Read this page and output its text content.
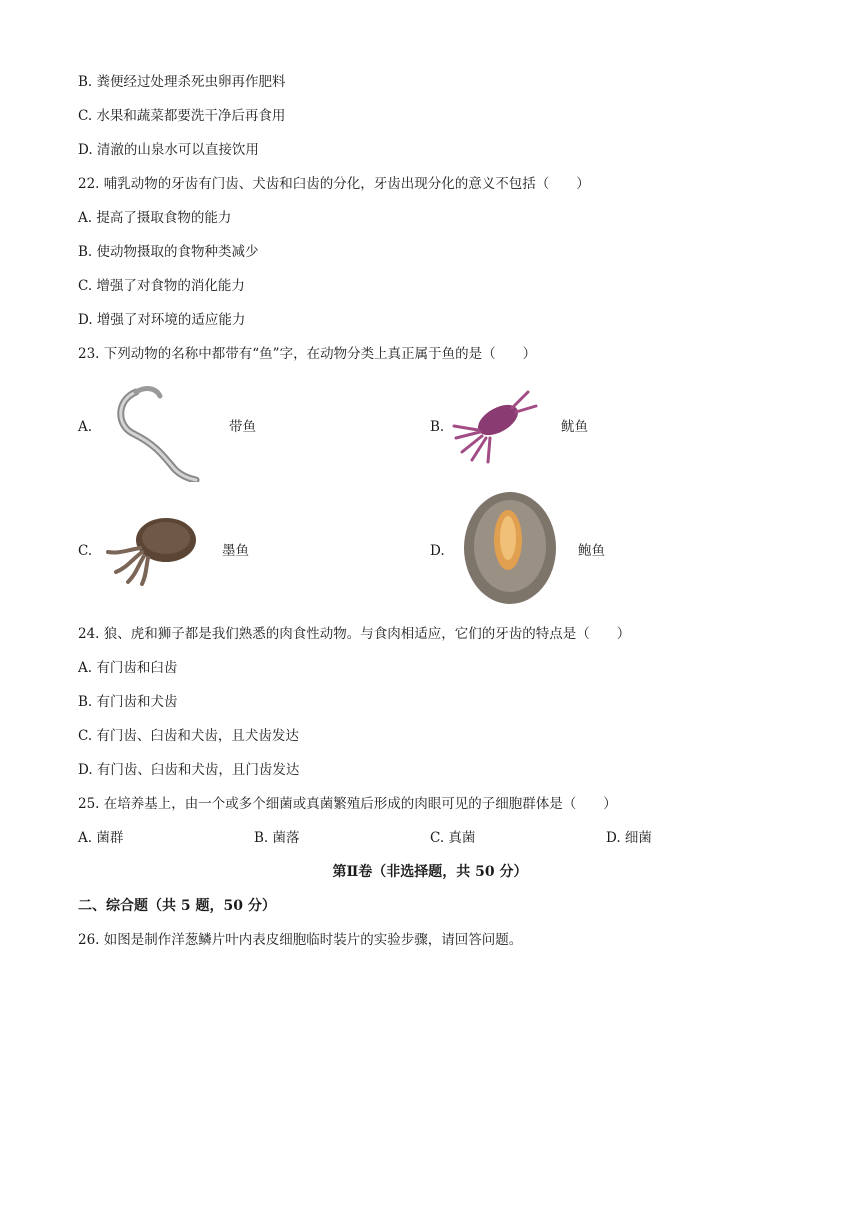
B. 粪便经过处理杀死虫卵再作肥料
C. 水果和蔬菜都要洗干净后再食用
D. 清澈的山泉水可以直接饮用
22. 哺乳动物的牙齿有门齿、犬齿和臼齿的分化，牙齿出现分化的意义不包括（　　）
A. 提高了摄取食物的能力
B. 使动物摄取的食物种类减少
C. 增强了对食物的消化能力
D. 增强了对环境的适应能力
23. 下列动物的名称中都带有“鱼”字，在动物分类上真正属于鱼的是（　　）
A.	带鱼	B.	鱿鱼
C.	墨鱼	D.	鲍鱼
24. 狼、虎和狮子都是我们熟悉的肉食性动物。与食肉相适应，它们的牙齿的特点是（　　）
A. 有门齿和臼齿
B. 有门齿和犬齿
C. 有门齿、臼齿和犬齿，且犬齿发达
D. 有门齿、臼齿和犬齿，且门齿发达
25. 在培养基上，由一个或多个细菌或真菌繁殖后形成的肉眼可见的子细胞群体是（　　）
A. 菌群	B. 菌落	C. 真菌	D. 细菌
第Ⅱ卷（非选择题，共 50 分）
二、综合题（共 5 题，50 分）
26. 如图是制作洋葱鳞片叶内表皮细胞临时装片的实验步骤，请回答问题。
